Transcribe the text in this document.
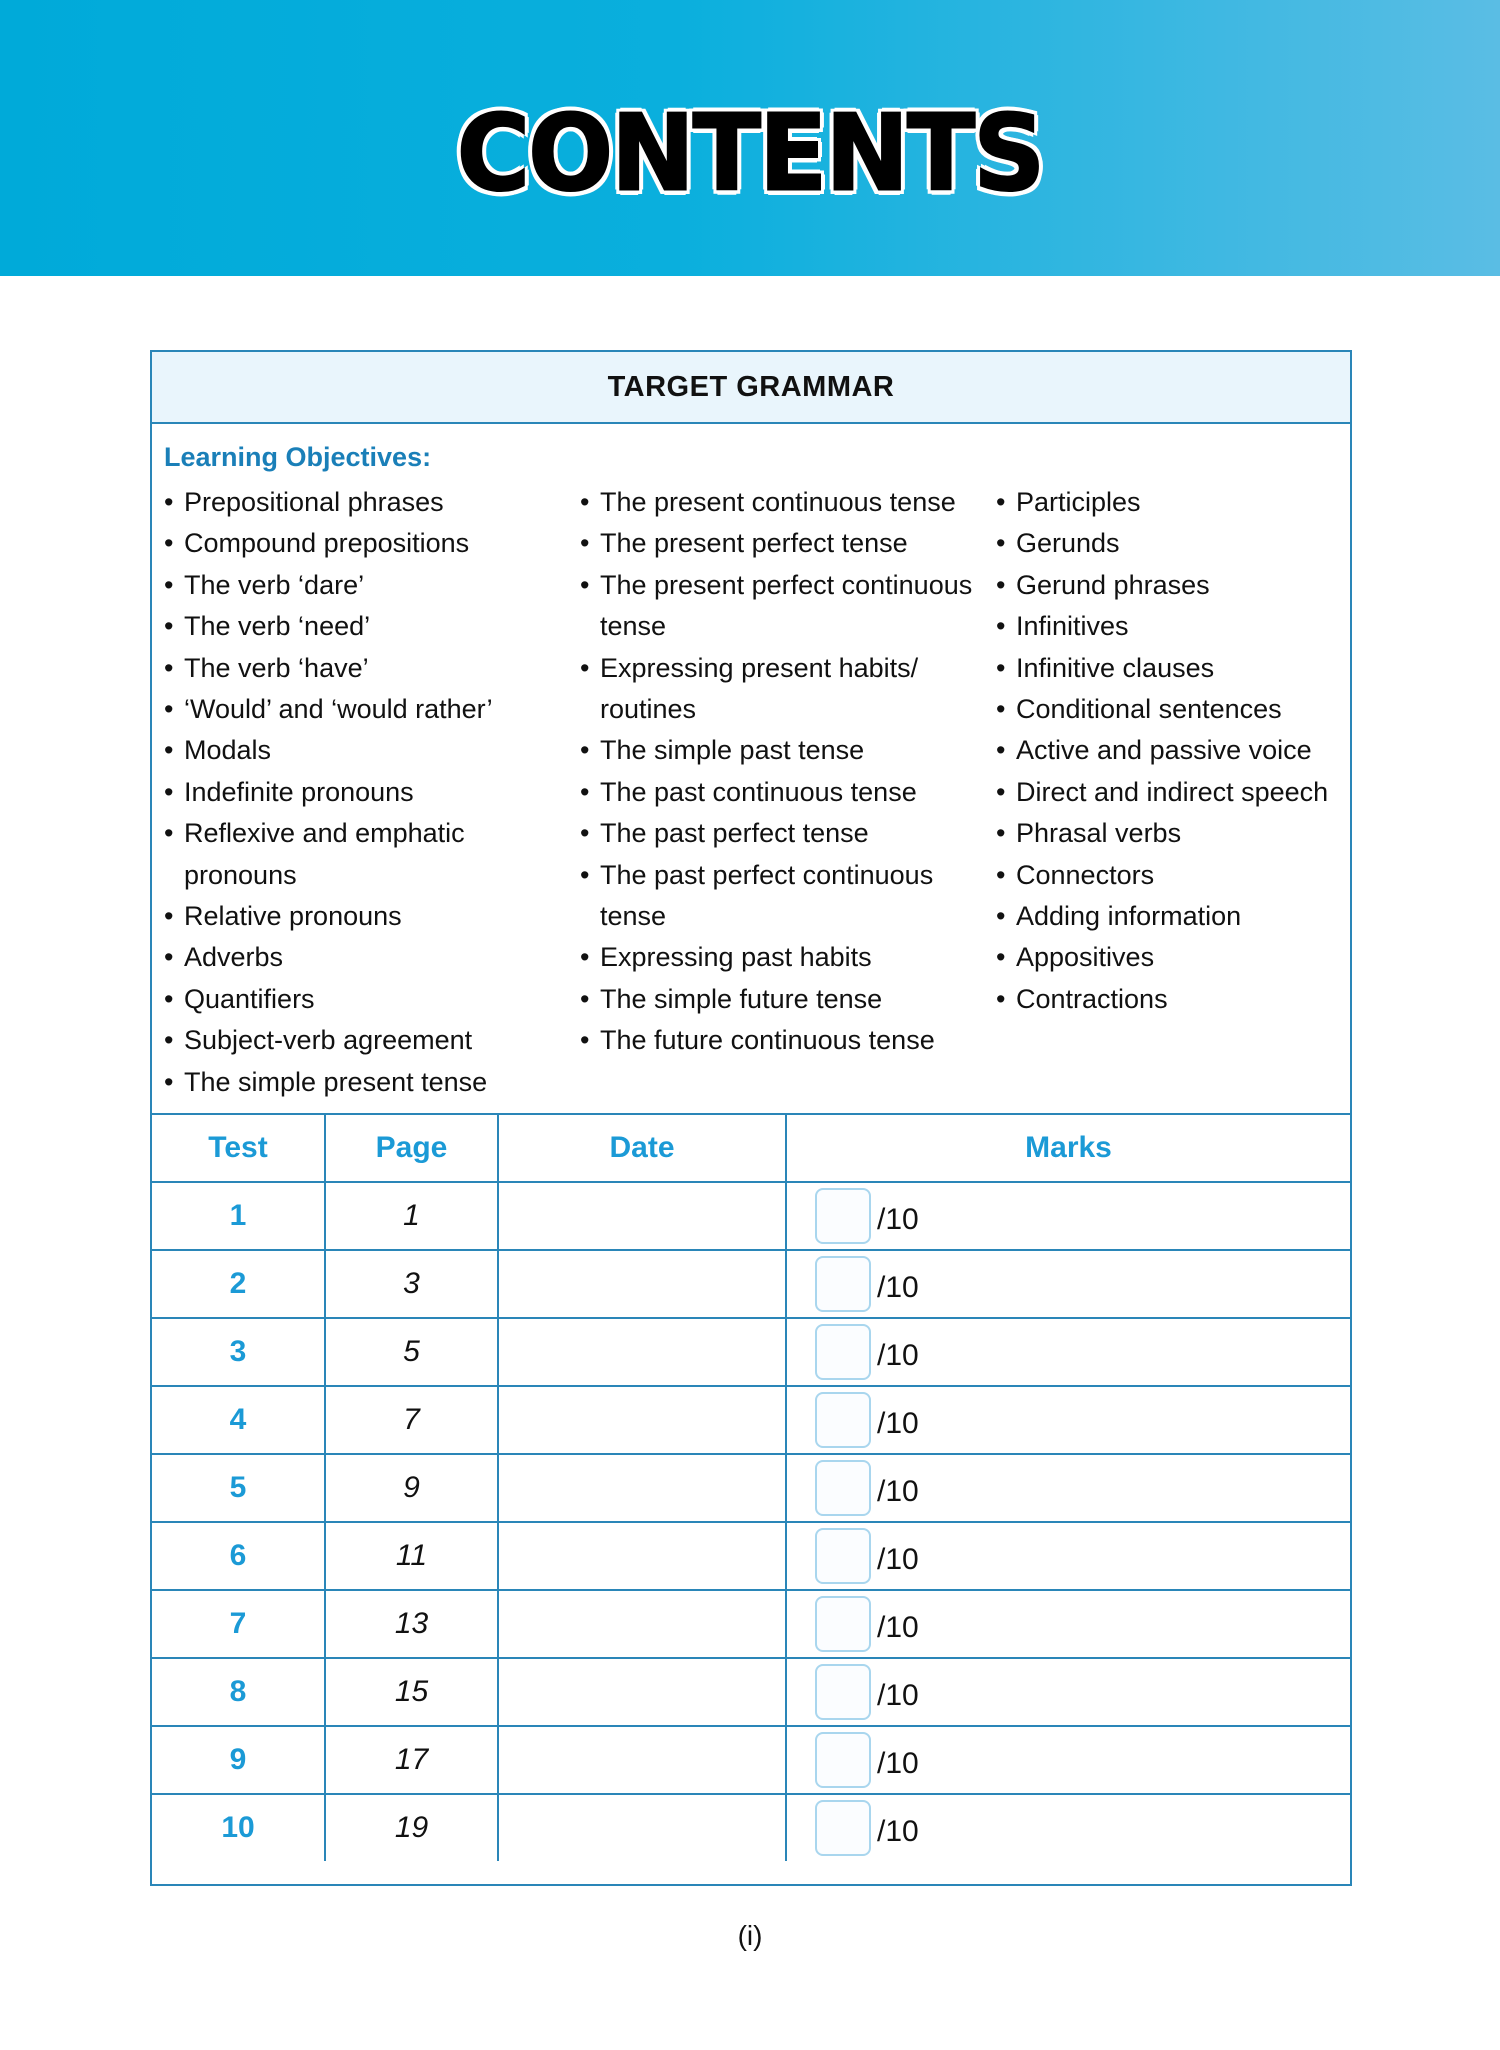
CONTENTS
TARGET GRAMMAR
Learning Objectives:
• Prepositional phrases
• Compound prepositions
• The verb ‘dare’
• The verb ‘need’
• The verb ‘have’
• ‘Would’ and ‘would rather’
• Modals
• Indefinite pronouns
• Reflexive and emphatic pronouns
• Relative pronouns
• Adverbs
• Quantifiers
• Subject-verb agreement
• The simple present tense
• The present continuous tense
• The present perfect tense
• The present perfect continuous tense
• Expressing present habits/ routines
• The simple past tense
• The past continuous tense
• The past perfect tense
• The past perfect continuous tense
• Expressing past habits
• The simple future tense
• The future continuous tense
• Participles
• Gerunds
• Gerund phrases
• Infinitives
• Infinitive clauses
• Conditional sentences
• Active and passive voice
• Direct and indirect speech
• Phrasal verbs
• Connectors
• Adding information
• Appositives
• Contractions
Test	Page	Date	Marks
1	1		/10
2	3		/10
3	5		/10
4	7		/10
5	9		/10
6	11		/10
7	13		/10
8	15		/10
9	17		/10
10	19		/10
(i)
